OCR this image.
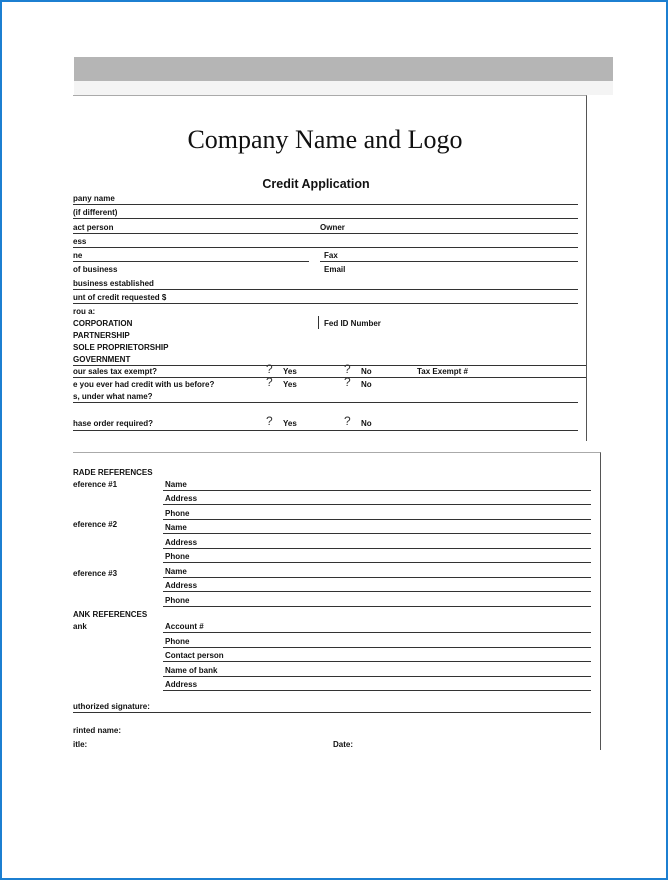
Company Name and Logo
Credit Application
pany name
(if different)
act person	Owner
ess
ne	Fax
of business	Email
business established
unt of credit requested $
rou a:
CORPORATION	Fed ID Number
PARTNERSHIP
SOLE PROPRIETORSHIP
GOVERNMENT
our sales tax exempt?	? Yes	? No	Tax Exempt #
e you ever had credit with us before?	? Yes	? No
s, under what name?
hase order required?	? Yes	? No
RADE REFERENCES
eference #1	Name
Address
Phone
eference #2	Name
Address
Phone
eference #3	Name
Address
Phone
ANK REFERENCES
ank	Account #
Phone
Contact person
Name of bank
Address
uthorized signature:
rinted name:
itle:	Date:
